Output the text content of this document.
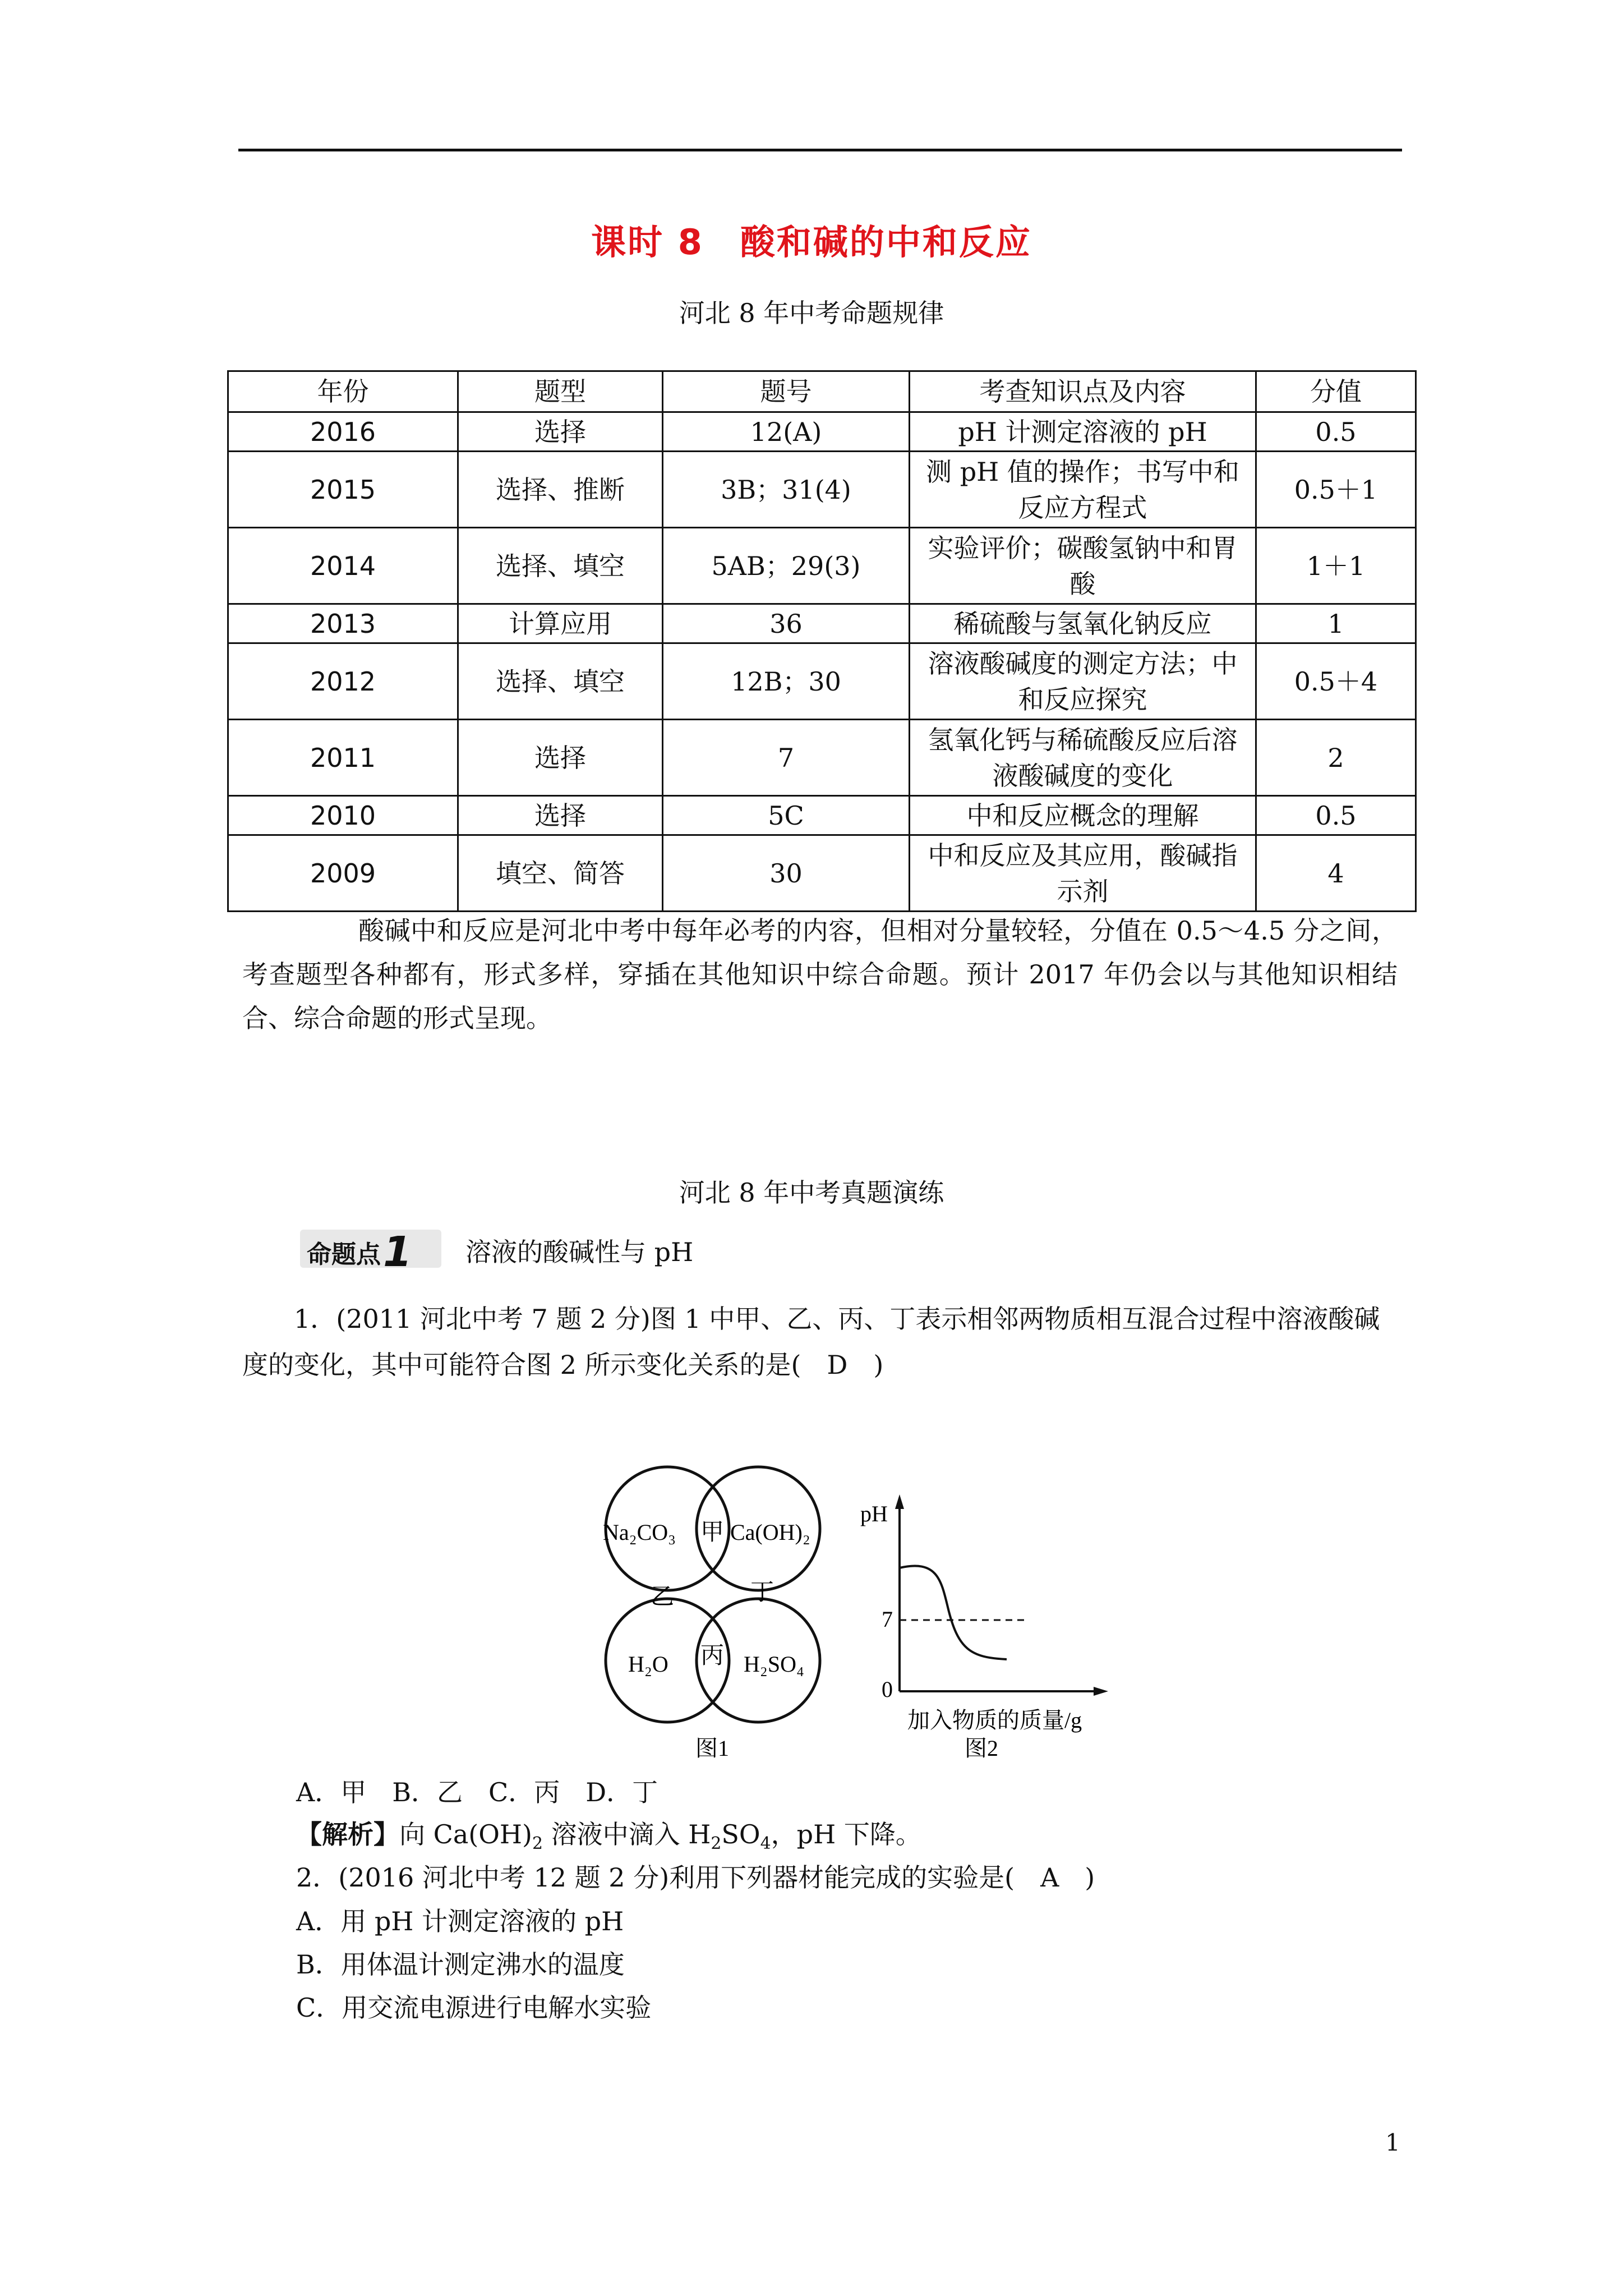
课时 8　酸和碱的中和反应
河北 8 年中考命题规律
年份	题型	题号	考查知识点及内容	分值
2016	选择	12(A)	pH 计测定溶液的 pH	0.5
2015	选择、推断	3B；31(4)	测 pH 值的操作；书写中和反应方程式	0.5＋1
2014	选择、填空	5AB；29(3)	实验评价；碳酸氢钠中和胃酸	1＋1
2013	计算应用	36	稀硫酸与氢氧化钠反应	1
2012	选择、填空	12B；30	溶液酸碱度的测定方法；中和反应探究	0.5＋4
2011	选择	7	氢氧化钙与稀硫酸反应后溶液酸碱度的变化	2
2010	选择	5C	中和反应概念的理解	0.5
2009	填空、简答	30	中和反应及其应用，酸碱指示剂	4
酸碱中和反应是河北中考中每年必考的内容，但相对分量较轻，分值在 0.5～4.5 分之间，考查题型各种都有，形式多样，穿插在其他知识中综合命题。预计 2017 年仍会以与其他知识相结合、综合命题的形式呈现。
河北 8 年中考真题演练
命题点1	溶液的酸碱性与 pH
1．(2011 河北中考 7 题 2 分)图 1 中甲、乙、丙、丁表示相邻两物质相互混合过程中溶液酸碱度的变化，其中可能符合图 2 所示变化关系的是(　D　)
Na₂CO₃ Ca(OH)₂
H₂O	H₂SO₄
甲
乙
丙
丁
图1
pH
7
0
加入物质的质量/g
图2
A．甲　B．乙　C．丙　D．丁
【解析】向 $Ca(OH)_2$ 溶液中滴入 $H_2SO_4$，pH 下降。
2．(2016 河北中考 12 题 2 分)利用下列器材能完成的实验是(　A　)
A．用 pH 计测定溶液的 pH
B．用体温计测定沸水的温度
C．用交流电源进行电解水实验
1
